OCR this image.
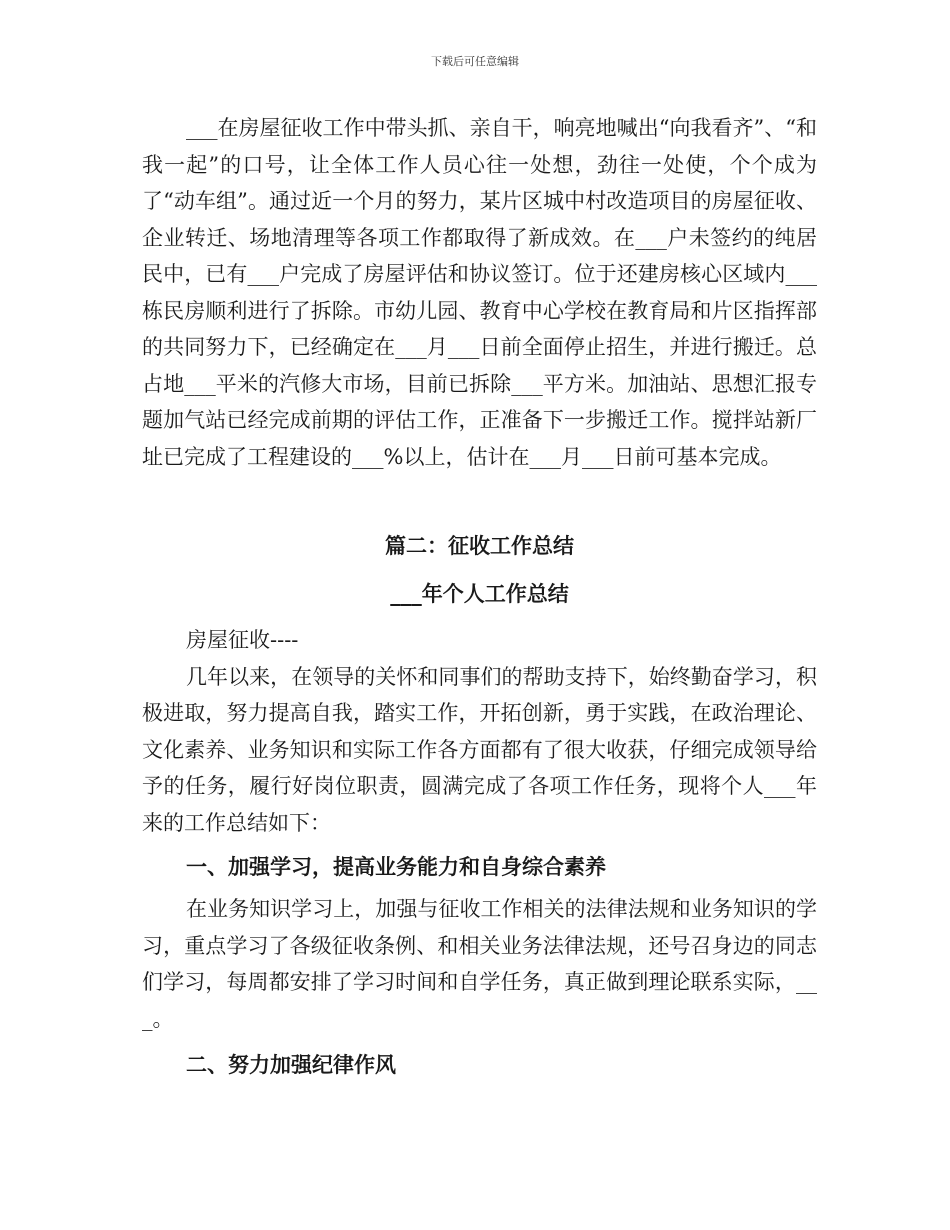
下载后可任意编辑

___在房屋征收工作中带头抓、亲自干，响亮地喊出“向我看齐”、“和我一起”的口号，让全体工作人员心往一处想，劲往一处使，个个成为了“动车组”。通过近一个月的努力，某片区城中村改造项目的房屋征收、企业转迁、场地清理等各项工作都取得了新成效。在___户未签约的纯居民中，已有___户完成了房屋评估和协议签订。位于还建房核心区域内___栋民房顺利进行了拆除。市幼儿园、教育中心学校在教育局和片区指挥部的共同努力下，已经确定在___月___日前全面停止招生，并进行搬迁。总占地___平米的汽修大市场，目前已拆除___平方米。加油站、思想汇报专题加气站已经完成前期的评估工作，正准备下一步搬迁工作。搅拌站新厂址已完成了工程建设的___%以上，估计在___月___日前可基本完成。

篇二：征收工作总结

___年个人工作总结

房屋征收----

几年以来，在领导的关怀和同事们的帮助支持下，始终勤奋学习，积极进取，努力提高自我，踏实工作，开拓创新，勇于实践，在政治理论、文化素养、业务知识和实际工作各方面都有了很大收获，仔细完成领导给予的任务，履行好岗位职责，圆满完成了各项工作任务，现将个人___年来的工作总结如下：

一、加强学习，提高业务能力和自身综合素养

在业务知识学习上，加强与征收工作相关的法律法规和业务知识的学习，重点学习了各级征收条例、和相关业务法律法规，还号召身边的同志们学习，每周都安排了学习时间和自学任务，真正做到理论联系实际，___。

二、努力加强纪律作风
